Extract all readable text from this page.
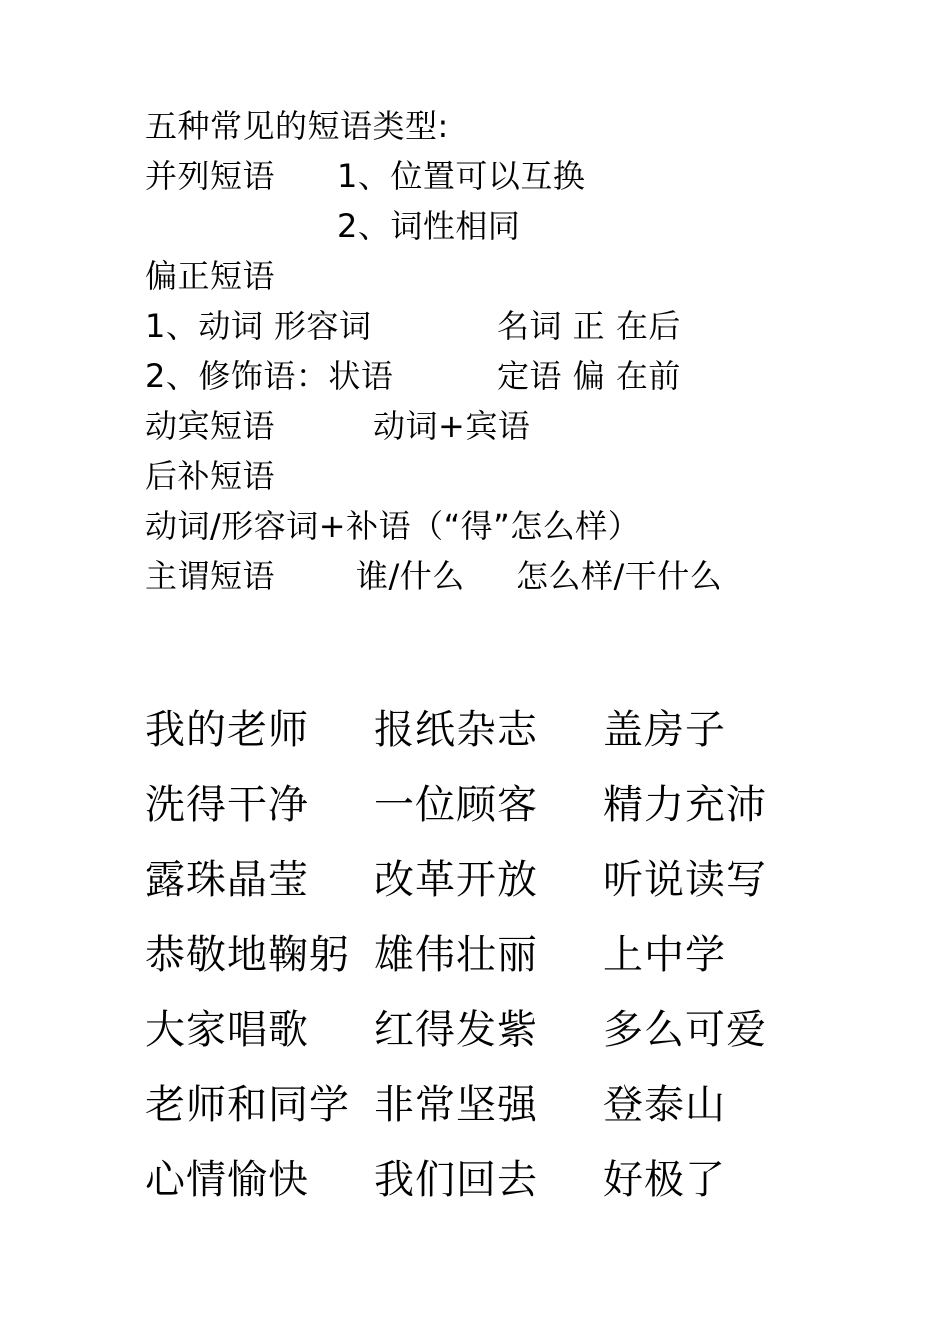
五种常见的短语类型:
并列短语 1、位置可以互换
2、词性相同
偏正短语
1、动词 形容词	名词 正 在后
2、修饰语：状语	定语 偏 在前
动宾短语	动词+宾语
后补短语
动词/形容词+补语（“得”怎么样）
主谓短语	谁/什么 怎么样/干什么
我的老师 报纸杂志 盖房子
洗得干净 一位顾客 精力充沛
露珠晶莹 改革开放 听说读写
恭敬地鞠躬 雄伟壮丽 上中学
大家唱歌 红得发紫 多么可爱
老师和同学 非常坚强 登泰山
心情愉快 我们回去 好极了
